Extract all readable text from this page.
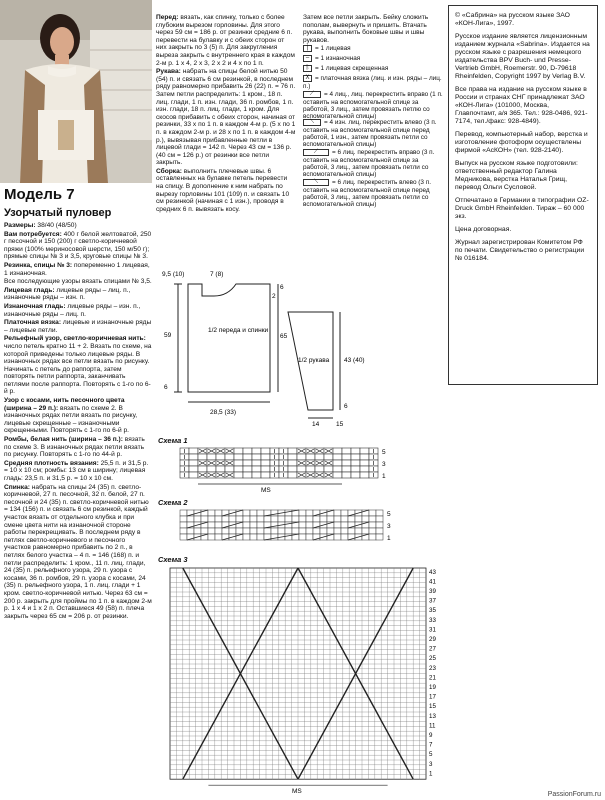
Модель 7
Узорчатый пуловер

Размеры: 38/40 (48/50)

Вам потребуется: 400 г белой желтоватой, 250 г песочной и 150 (200) г светло-коричневой пряжи (100% мериносовой шерсти, 150 м/50 г); прямые спицы № 3 и 3,5, круговые спицы № 3.

Резинка, спицы № 3: попеременно 1 лицевая, 1 изнаночная.

Все последующие узоры вязать спицами № 3,5.

Лицевая гладь: лицевые ряды – лиц. п., изнаночные ряды – изн. п.

Изнаночная гладь: лицевые ряды – изн. п., изнаночные ряды – лиц. п.

Платочная вязка: лицевые и изнаночные ряды – лицевые петли.

Рельефный узор, светло-коричневая нить: число петель кратно 11 + 2. Вязать по схеме, на которой приведены только лицевые ряды. В изнаночных рядах все петли вязать по рисунку. Начинать с петель до раппорта, затем повторять петли раппорта, заканчивать петлями после раппорта. Повторять с 1-го по 6-й р.

Узор с косами, нить песочного цвета (ширина – 29 п.): вязать по схеме 2. В изнаночных рядах петли вязать по рисунку, лицевые скрещенные – изнаночными скрещенными. Повторять с 1-го по 6-й р.

Ромбы, белая нить (ширина – 36 п.): вязать по схеме 3. В изнаночных рядах петли вязать по рисунку. Повторять с 1-го по 44-й р.

Средняя плотность вязания: 25,5 п. и 31,5 р. = 10 х 10 см; ромбы: 13 см в ширину; лицевая гладь: 23,5 п. и 31,5 р. = 10 х 10 см.

Спинка: набрать на спицы 24 (35) п. светло-коричневой, 27 п. песочной, 32 п. белой, 27 п. песочной и 24 (35) п. светло-коричневой нитью = 134 (156) п. и связать 6 см резинкой, каждый участок вязать от отдельного клубка и при смене цвета нити на изнаночной стороне работы перекрещивать. В последнем ряду в петлях светло-коричневого и песочного участков равномерно прибавить по 2 п., в петлях белого участка – 4 п. = 146 (168) п. и петли распределить: 1 кром., 11 п. лиц. глади, 24 (35) п. рельефного узора, 29 п. узора с косами, 36 п. ромбов, 29 п. узора с косами, 24 (35) п. рельефного узора, 1 п. лиц. глади + 1 кром. светло-коричневой нитью. Через 63 см = 200 р. закрыть для проймы по 1 п. в каждом 2-м р. 1 х 4 и 1 х 2 п. Оставшиеся 49 (58) п. плеча закрыть через 65 см = 206 р. от резинки.

Перед: вязать, как спинку, только с более глубоким вырезом горловины. Для этого через 59 см = 186 р. от резинки средние 6 п. перевести на булавку и с обеих сторон от них закрыть по 3 (5) п. Для закругления выреза закрыть с внутреннего края в каждом 2-м р. 1 х 4, 2 х 3, 2 х 2 и 4 х по 1 п.

Рукава: набрать на спицы белой нитью 50 (54) п. и связать 6 см резинкой, в последнем ряду равномерно прибавить 26 (22) п. = 76 п. Затем петли распределить: 1 кром., 18 п. лиц. глади, 1 п. изн. глади, 36 п. ромбов, 1 п. изн. глади, 18 п. лиц. глади, 1 кром. Для скосов прибавить с обеих сторон, начиная от резинки, 33 х по 1 п. в каждом 4-м р. (5 х по 1 п. в каждом 2-м р. и 28 х по 1 п. в каждом 4-м р.), вывязывая прибавленные петли в лицевой глади = 142 п. Через 43 см = 136 р. (40 см = 126 р.) от резинки все петли закрыть.

Сборка: выполнить плечевые швы. 6 оставленных на булавке петель перевести на спицу. В дополнение к ним набрать по вырезу горловины 101 (109) п. и связать 10 см резинкой (начиная с 1 изн.), проводя в средних 6 п. вывязать косу.

Затем все петли закрыть. Бейку сложить пополам, вывернуть и пришить. Втачать рукава, выполнить боковые швы и швы рукавов.

| = 1 лицевая
– = 1 изнаночная
ᛒ = 1 лицевая скрещенная
X = платочная вязка (лиц. и изн. ряды – лиц. п.)
⟋ = 4 лиц., лиц. перекрестить вправо (1 п. оставить на вспомогательной спице за работой, 3 лиц., затем провязать петлю со вспомогательной спицы)
⟍ = 4 изн. лиц. перекрестить влево (3 п. оставить на вспомогательной спице перед работой, 1 изн., затем провязать петли со вспомогательной спицы)
⟋ = 6 лиц. перекрестить вправо (3 п. оставить на вспомогательной спице за работой, 3 лиц., затем провязать петли со вспомогательной спицы)
⟍ = 6 лиц. перекрестить влево (3 п. оставить на вспомогательной спице перед работой, 3 лиц., затем провязать петли со вспомогательной спицы)

© «Сабрина» на русском языке ЗАО «КОН-Лига», 1997.

Русское издание является лицензионным изданием журнала «Sabrina». Издается на русском языке с разрешения немецкого издательства BPV Buch- und Presse-Vertrieb GmbH, Roemerstr. 90, D-79618 Rheinfelden, Copyright 1997 by Verlag B.V.

Все права на издание на русском языке в России и странах СНГ принадлежат ЗАО «КОН-Лига» (101000, Москва, Главпочтамт, а/я 365. Тел.: 928-0486, 921-7174, тел./факс: 928-4849).

Перевод, компьютерный набор, верстка и изготовление фотоформ осуществлены фирмой «АсКОН» (тел. 928-2140).

Выпуск на русском языке подготовили: ответственный редактор Галина Медникова, верстка Наталья Грищ, перевод Ольги Сусловой.

Отпечатано в Германии в типографии OZ-Druck GmbH Rheinfelden. Тираж – 60 000 экз.

Цена договорная.

Журнал зарегистрирован Комитетом РФ по печати. Свидетельство о регистрации № 016184.

9,5 (10)	7 (8)
59	65
6
6
28,5 (33)
1/2 переда и спинки
1/2 рукава 43 (40)
6
14	15
2
Схема 1
5
3
1
MS
Схема 2
5
3
1
Схема 3
43
41
39
37
35
33
31
29
27
25
23
21
19
17
15
13
11
9
7
5
3
1
MS	PassionForum.ru
